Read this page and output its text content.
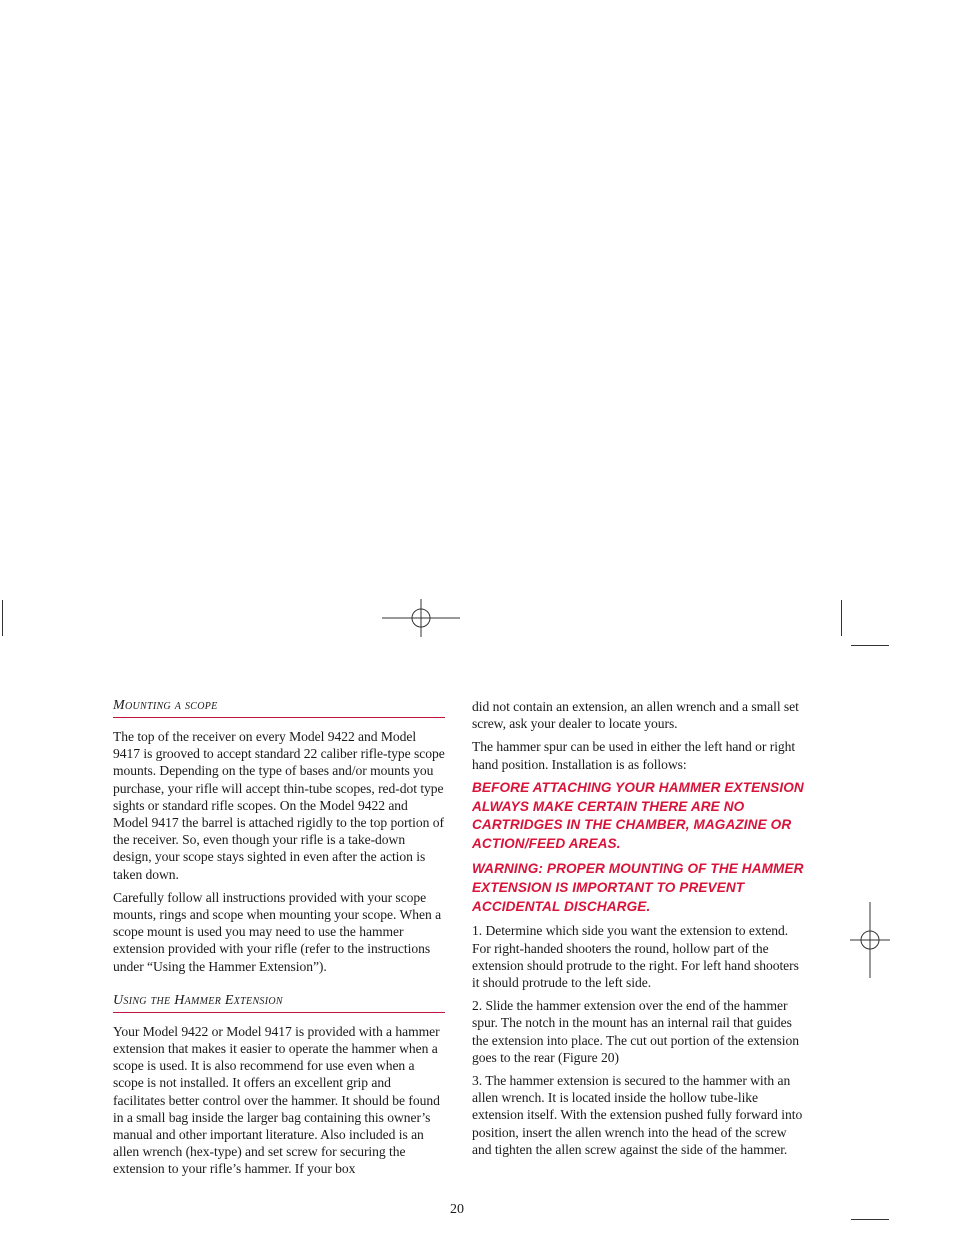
Mounting a scope

The top of the receiver on every Model 9422 and Model 9417 is grooved to accept standard 22 caliber rifle-type scope mounts. Depending on the type of bases and/or mounts you purchase, your rifle will accept thin-tube scopes, red-dot type sights or standard rifle scopes. On the Model 9422 and Model 9417 the barrel is attached rigidly to the top portion of the receiver. So, even though your rifle is a take-down design, your scope stays sighted in even after the action is taken down.

Carefully follow all instructions provided with your scope mounts, rings and scope when mounting your scope. When a scope mount is used you may need to use the hammer extension provided with your rifle (refer to the instructions under “Using the Hammer Extension”).

Using the Hammer Extension

Your Model 9422 or Model 9417 is provided with a hammer extension that makes it easier to operate the hammer when a scope is used. It is also recommend for use even when a scope is not installed. It offers an excellent grip and facilitates better control over the hammer. It should be found in a small bag inside the larger bag containing this owner’s manual and other important literature. Also included is an allen wrench (hex-type) and set screw for securing the extension to your rifle’s hammer. If your box

did not contain an extension, an allen wrench and a small set screw, ask your dealer to locate yours.

The hammer spur can be used in either the left hand or right hand position. Installation is as follows:

BEFORE ATTACHING YOUR HAMMER EXTENSION ALWAYS MAKE CERTAIN THERE ARE NO CARTRIDGES IN THE CHAMBER, MAGAZINE OR ACTION/FEED AREAS.

WARNING: PROPER MOUNTING OF THE HAMMER EXTENSION IS IMPORTANT TO PREVENT ACCIDENTAL DISCHARGE.

1. Determine which side you want the extension to extend. For right-handed shooters the round, hollow part of the extension should protrude to the right. For left hand shooters it should protrude to the left side.

2. Slide the hammer extension over the end of the hammer spur. The notch in the mount has an internal rail that guides the extension into place. The cut out portion of the extension goes to the rear (Figure 20)

3. The hammer extension is secured to the hammer with an allen wrench. It is located inside the hollow tube-like extension itself. With the extension pushed fully forward into position, insert the allen wrench into the head of the screw and tighten the allen screw against the side of the hammer.

20
